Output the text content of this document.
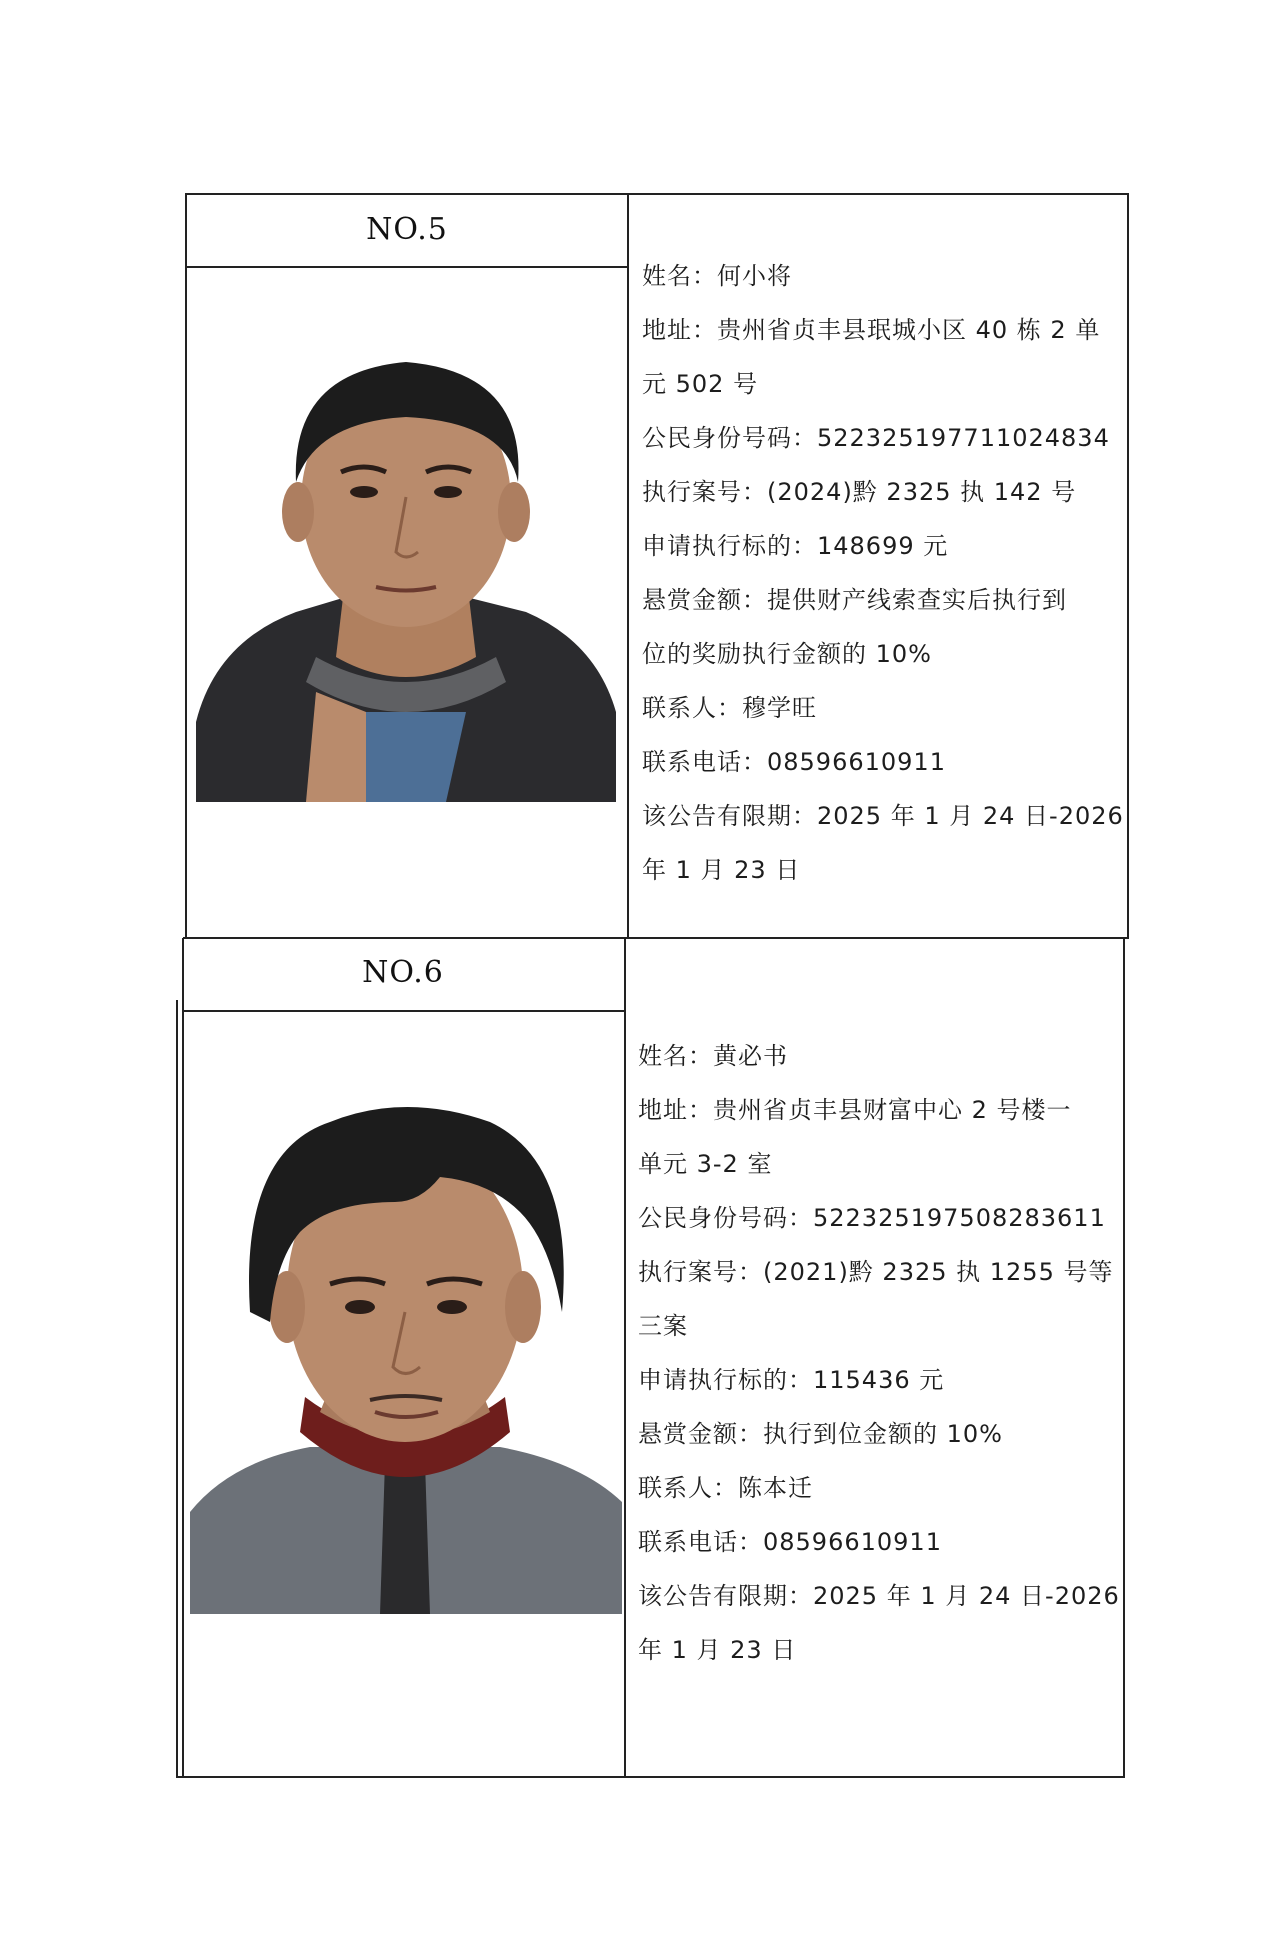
NO.5
姓名：何小将
地址：贵州省贞丰县珉城小区 40 栋 2 单
元 502 号
公民身份号码：522325197711024834
执行案号：(2024)黔 2325 执 142 号
申请执行标的：148699 元
悬赏金额：提供财产线索查实后执行到
位的奖励执行金额的 10%
联系人：穆学旺
联系电话：08596610911
该公告有限期：2025 年 1 月 24 日-2026
年 1 月 23 日
NO.6
姓名：黄必书
地址：贵州省贞丰县财富中心 2 号楼一
单元 3-2 室
公民身份号码：522325197508283611
执行案号：(2021)黔 2325 执 1255 号等
三案
申请执行标的：115436 元
悬赏金额：执行到位金额的 10%
联系人：陈本迁
联系电话：08596610911
该公告有限期：2025 年 1 月 24 日-2026
年 1 月 23 日
